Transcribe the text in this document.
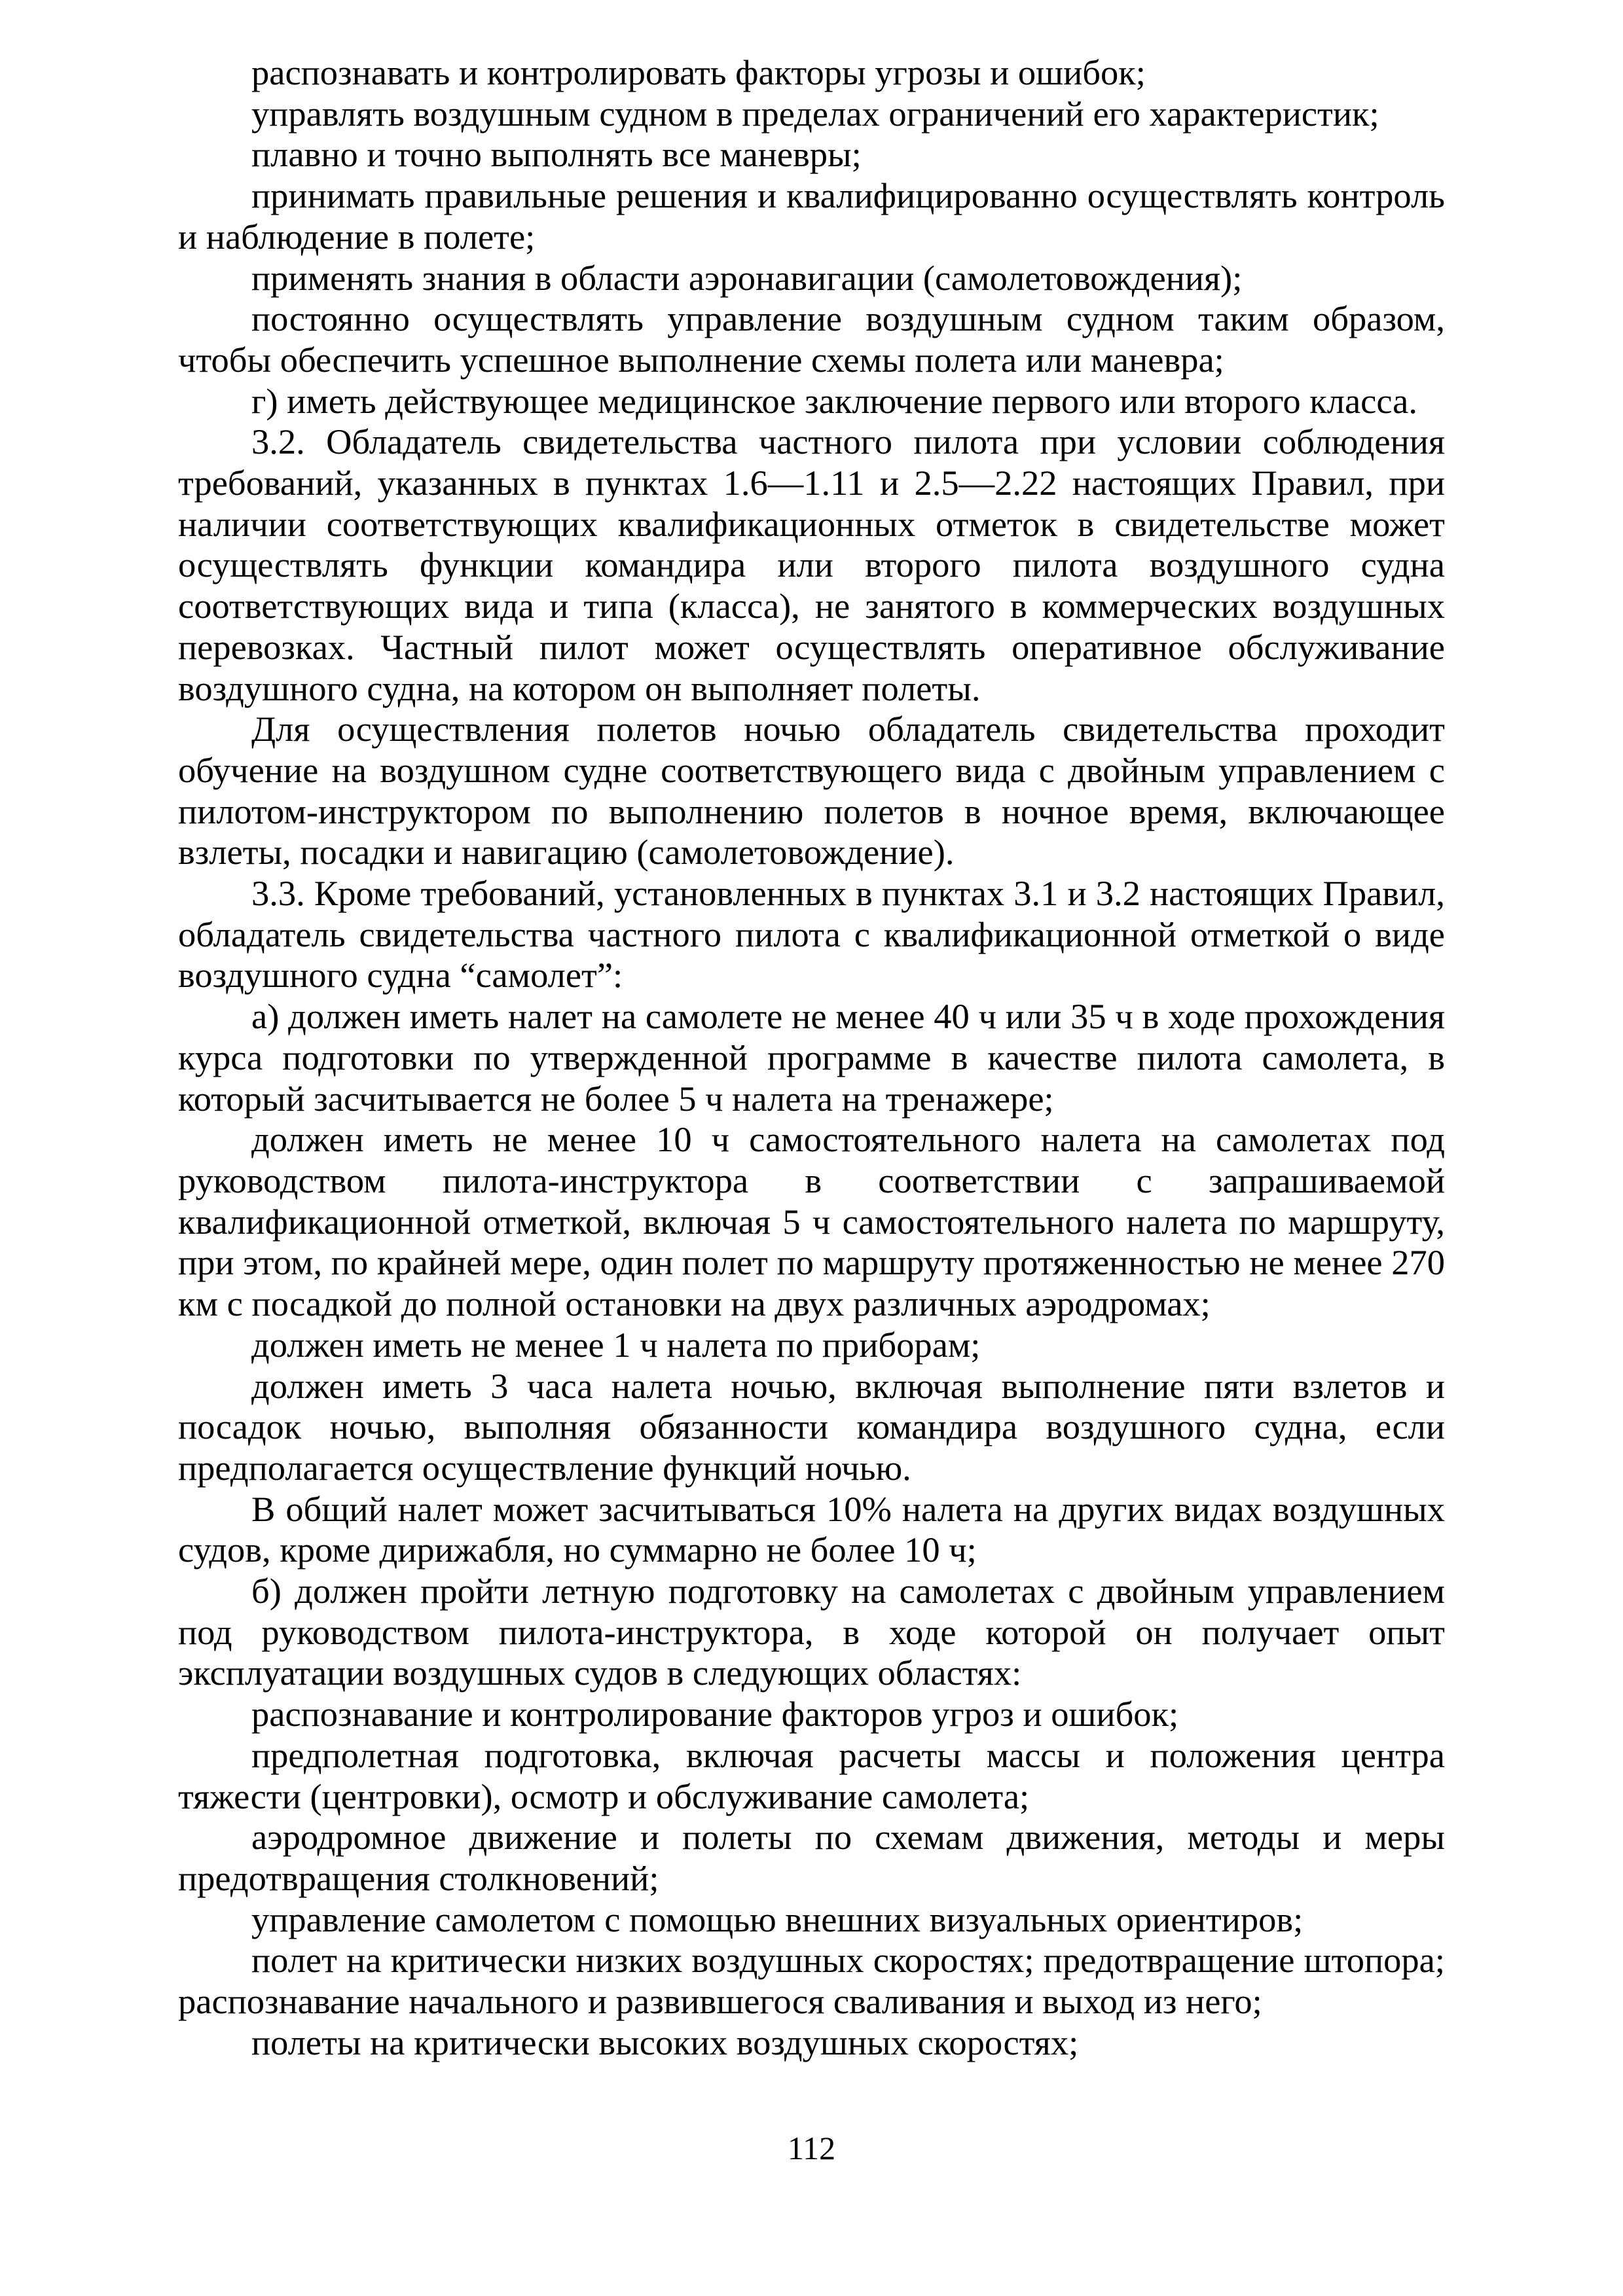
распознавать и контролировать факторы угрозы и ошибок;

управлять воздушным судном в пределах ограничений его характеристик;

плавно и точно выполнять все маневры;

принимать правильные решения и квалифицированно осуществлять контроль и наблюдение в полете;

применять знания в области аэронавигации (самолетовождения);

постоянно осуществлять управление воздушным судном таким образом, чтобы обеспечить успешное выполнение схемы полета или маневра;

г) иметь действующее медицинское заключение первого или второго класса.

3.2. Обладатель свидетельства частного пилота при условии соблюдения требований, указанных в пунктах 1.6—1.11 и 2.5—2.22 настоящих Правил, при наличии соответствующих квалификационных отметок в свидетельстве может осуществлять функции командира или второго пилота воздушного судна соответствующих вида и типа (класса), не занятого в коммерческих воздушных перевозках. Частный пилот может осуществлять оперативное обслуживание воздушного судна, на котором он выполняет полеты.

Для осуществления полетов ночью обладатель свидетельства проходит обучение на воздушном судне соответствующего вида с двойным управлением с пилотом-инструктором по выполнению полетов в ночное время, включающее взлеты, посадки и навигацию (самолетовождение).

3.3. Кроме требований, установленных в пунктах 3.1 и 3.2 настоящих Правил, обладатель свидетельства частного пилота с квалификационной отметкой о виде воздушного судна “самолет”:

а) должен иметь налет на самолете не менее 40 ч или 35 ч в ходе прохождения курса подготовки по утвержденной программе в качестве пилота самолета, в который засчитывается не более 5 ч налета на тренажере;

должен иметь не менее 10 ч самостоятельного налета на самолетах под руководством пилота-инструктора в соответствии с запрашиваемой квалификационной отметкой, включая 5 ч самостоятельного налета по маршруту, при этом, по крайней мере, один полет по маршруту протяженностью не менее 270 км с посадкой до полной остановки на двух различных аэродромах;

должен иметь не менее 1 ч налета по приборам;

должен иметь 3 часа налета ночью, включая выполнение пяти взлетов и посадок ночью, выполняя обязанности командира воздушного судна, если предполагается осуществление функций ночью.

В общий налет может засчитываться 10% налета на других видах воздушных судов, кроме дирижабля, но суммарно не более 10 ч;

б) должен пройти летную подготовку на самолетах с двойным управлением под руководством пилота-инструктора, в ходе которой он получает опыт эксплуатации воздушных судов в следующих областях:

распознавание и контролирование факторов угроз и ошибок;

предполетная подготовка, включая расчеты массы и положения центра тяжести (центровки), осмотр и обслуживание самолета;

аэродромное движение и полеты по схемам движения, методы и меры предотвращения столкновений;

управление самолетом с помощью внешних визуальных ориентиров;

полет на критически низких воздушных скоростях; предотвращение штопора; распознавание начального и развившегося сваливания и выход из него;

полеты на критически высоких воздушных скоростях;

112
